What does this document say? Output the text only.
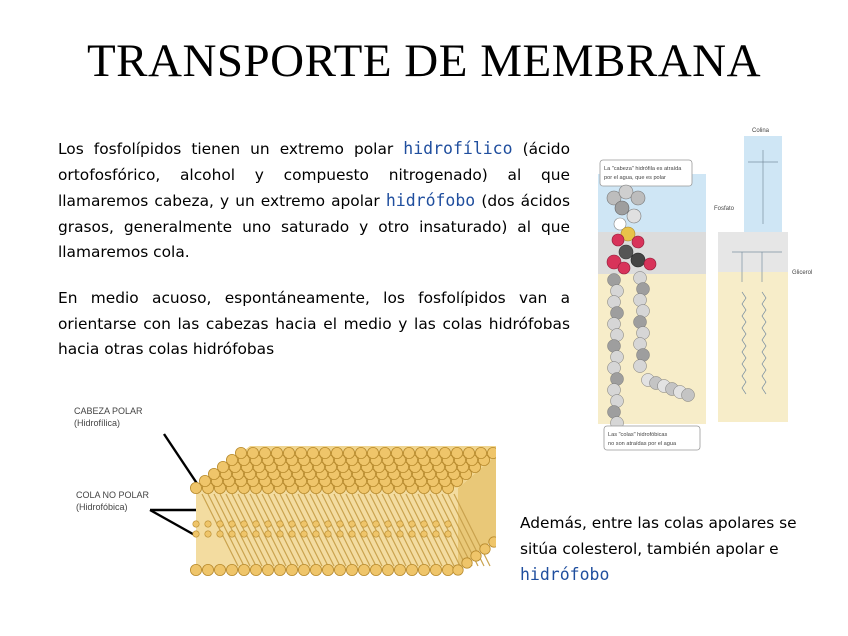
TRANSPORTE DE MEMBRANA

Los fosfolípidos tienen un extremo polar hidrofílico (ácido ortofosfórico, alcohol y compuesto nitrogenado) al que llamaremos cabeza, y un extremo apolar hidrófobo (dos ácidos grasos, generalmente uno saturado y otro insaturado) al que llamaremos cola.

En medio acuoso, espontáneamente, los fosfolípidos van a orientarse con las cabezas hacia el medio y las colas hidrófobas hacia otras colas hidrófobas

Además, entre las colas apolares se sitúa colesterol, también apolar e hidrófobo

La "cabeza" hidrófila es atraída
por el agua, que es polar
Colina
Fosfato
Glicerol
Las "colas" hidrofóbicas
no son atraídas por el agua
CABEZA POLAR
(Hidrofílica)
COLA NO POLAR
(Hidrofóbica)
